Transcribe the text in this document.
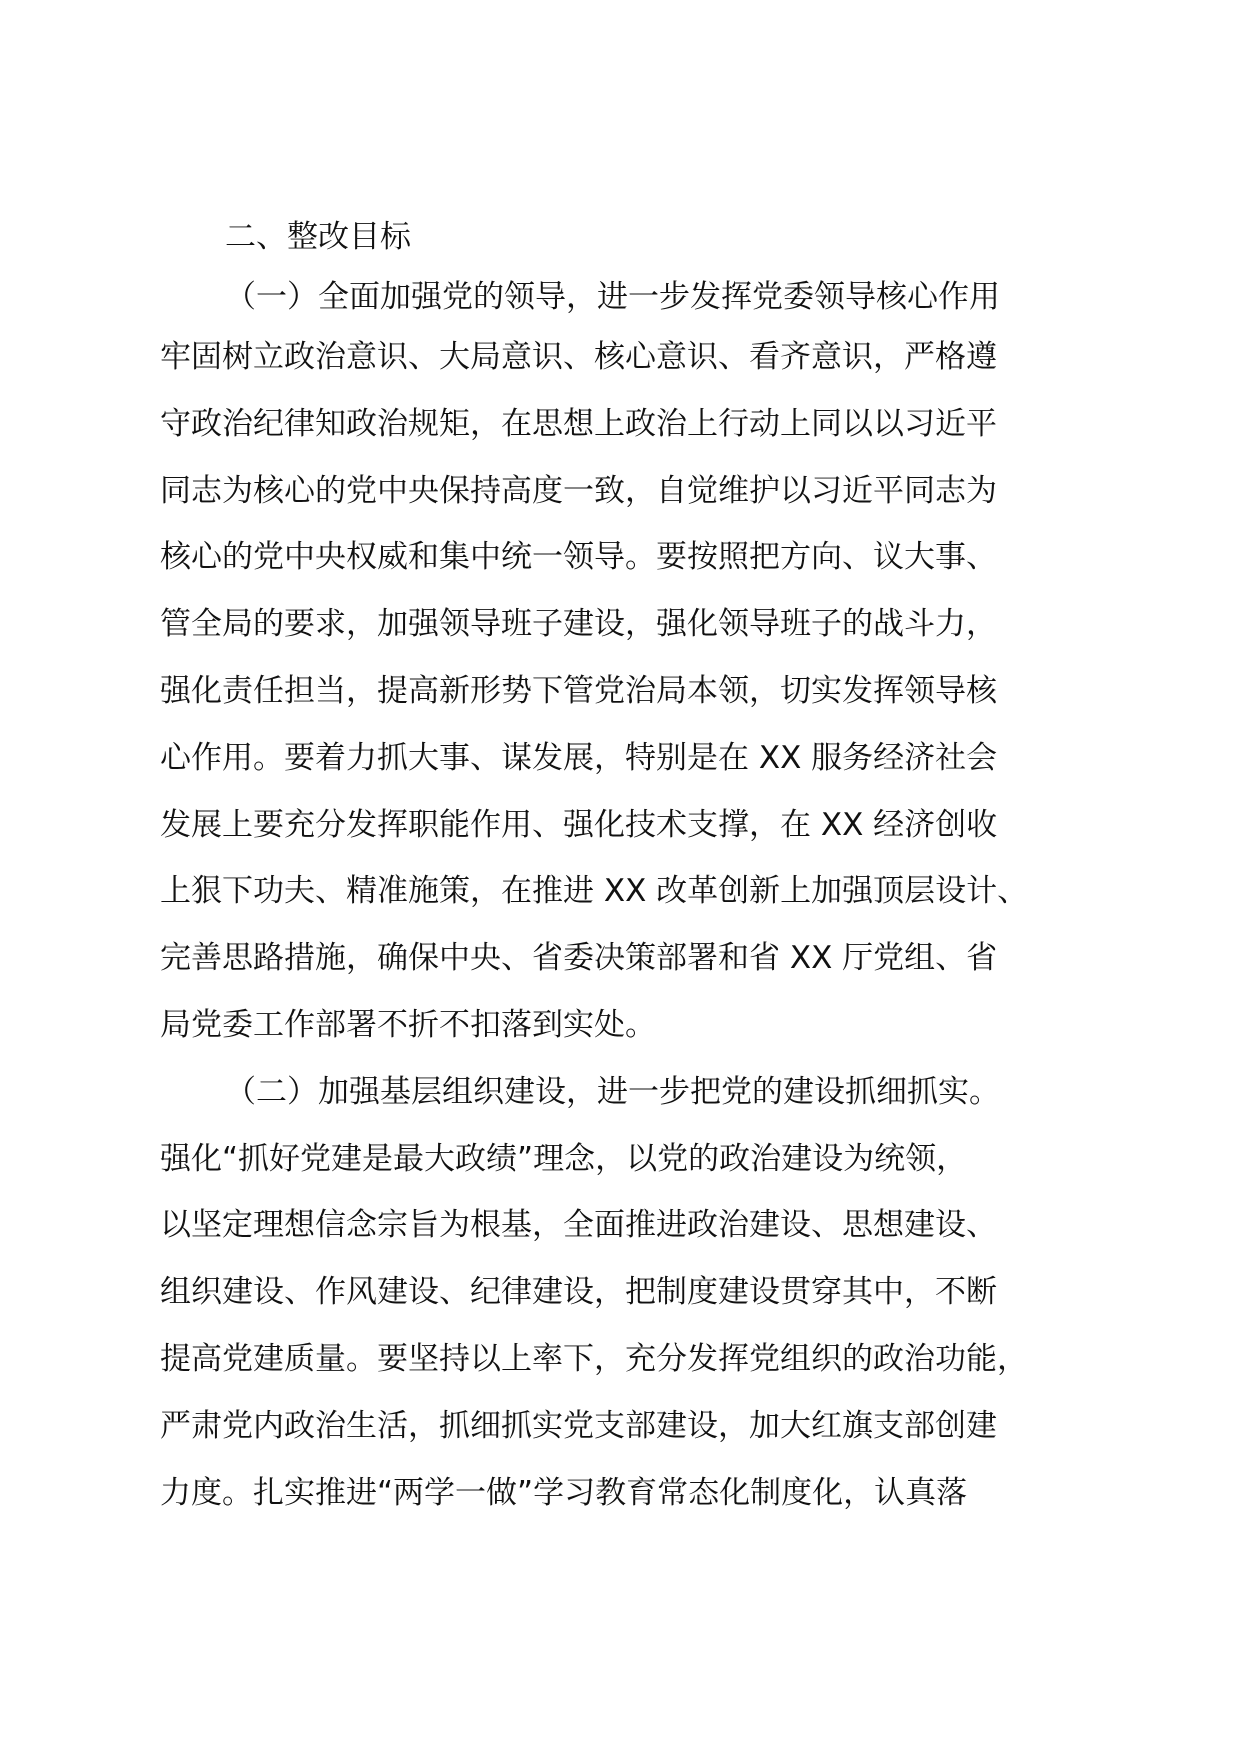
二、整改目标
（一）全面加强党的领导，进一步发挥党委领导核心作用
牢固树立政治意识、大局意识、核心意识、看齐意识，严格遵
守政治纪律知政治规矩，在思想上政治上行动上同以以习近平
同志为核心的党中央保持高度一致，自觉维护以习近平同志为
核心的党中央权威和集中统一领导。要按照把方向、议大事、
管全局的要求，加强领导班子建设，强化领导班子的战斗力，
强化责任担当，提高新形势下管党治局本领，切实发挥领导核
心作用。要着力抓大事、谋发展，特别是在 XX 服务经济社会
发展上要充分发挥职能作用、强化技术支撑，在 XX 经济创收
上狠下功夫、精准施策，在推进 XX 改革创新上加强顶层设计、
完善思路措施，确保中央、省委决策部署和省 XX 厅党组、省
局党委工作部署不折不扣落到实处。
（二）加强基层组织建设，进一步把党的建设抓细抓实。
强化“抓好党建是最大政绩”理念，以党的政治建设为统领，
以坚定理想信念宗旨为根基，全面推进政治建设、思想建设、
组织建设、作风建设、纪律建设，把制度建设贯穿其中，不断
提高党建质量。要坚持以上率下，充分发挥党组织的政治功能，
严肃党内政治生活，抓细抓实党支部建设，加大红旗支部创建
力度。扎实推进“两学一做”学习教育常态化制度化，认真落
